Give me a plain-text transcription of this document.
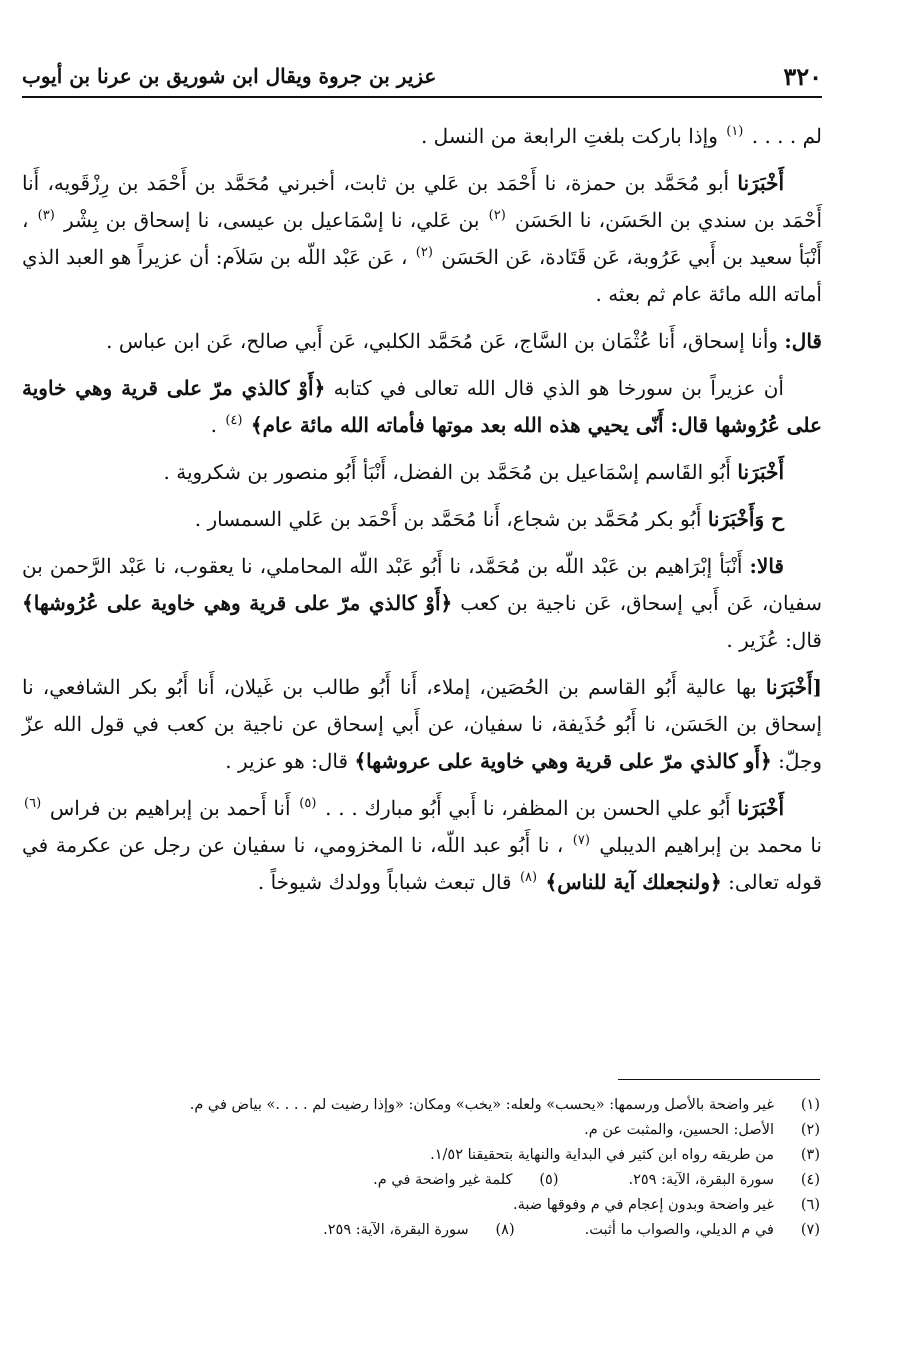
٣٢٠
عزير بن جروة ويقال ابن شوريق بن عرنا بن أيوب

لم . . . . $^{(١)}$ وإذا باركت بلغتِ الرابعة من النسل .

أَخْبَرَنا أبو مُحَمَّد بن حمزة، نا أَحْمَد بن عَلي بن ثابت، أخبرني مُحَمَّد بن أَحْمَد بن رِزْقَويه، أَنا أَحْمَد بن سندي بن الحَسَن، نا الحَسَن $^{(٢)}$ بن عَلي، نا إسْمَاعيل بن عيسى، نا إسحاق بن بِشْر $^{(٣)}$ ، أَنْبَأ سعيد بن أَبي عَرُوبة، عَن قَتَادة، عَن الحَسَن $^{(٢)}$ ، عَن عَبْد اللّه بن سَلاَم: أن عزيراً هو العبد الذي أماته الله مائة عام ثم بعثه .

قال: وأنا إسحاق، أَنا عُثْمَان بن السَّاج، عَن مُحَمَّد الكلبي، عَن أَبي صالح، عَن ابن عباس .

أن عزيراً بن سورخا هو الذي قال الله تعالى في كتابه ﴿أَوْ كالذي مرّ على قرية وهي خاوية على عُرُوشها قال: أَنّى يحيي هذه الله بعد موتها فأماته الله مائة عام﴾ $^{(٤)}$ .

أَخْبَرَنا أَبُو القَاسم إسْمَاعيل بن مُحَمَّد بن الفضل، أَنْبَأ أَبُو منصور بن شكروية .

ح وَأَخْبَرَنا أَبُو بكر مُحَمَّد بن شجاع، أَنا مُحَمَّد بن أَحْمَد بن عَلي السمسار .

قالا: أَنْبَأ إبْرَاهيم بن عَبْد اللّه بن مُحَمَّد، نا أَبُو عَبْد اللّه المحاملي، نا يعقوب، نا عَبْد الرَّحمن بن سفيان، عَن أَبي إسحاق، عَن ناجية بن كعب ﴿أَوْ كالذي مرّ على قرية وهي خاوية على عُرُوشها﴾ قال: عُزَير .

[أَخْبَرَنا بها عالية أَبُو القاسم بن الحُصَين، إملاء، أَنا أَبُو طالب بن غَيلان، أَنا أَبُو بكر الشافعي، نا إسحاق بن الحَسَن، نا أَبُو حُذَيفة، نا سفيان، عن أَبي إسحاق عن ناجية بن كعب في قول الله عزّ وجلّ: ﴿أَو كالذي مرّ على قرية وهي خاوية على عروشها﴾ قال: هو عزير .

أَخْبَرَنا أَبُو علي الحسن بن المظفر، نا أَبي أَبُو مبارك . . . $^{(٥)}$ أَنا أَحمد بن إبراهيم بن فراس $^{(٦)}$ نا محمد بن إبراهيم الديبلي $^{(٧)}$ ، نا أَبُو عبد اللّه، نا المخزومي، نا سفيان عن رجل عن عكرمة في قوله تعالى: ﴿ولنجعلك آية للناس﴾ $^{(٨)}$ قال تبعث شباباً وولدك شيوخاً .

(١)
غير واضحة بالأصل ورسمها: «يحسب» ولعله: «يخب» ومكان: «وإذا رضيت لم . . . .» بياض في م.
(٢)
الأصل: الحسين، والمثبت عن م.
(٣)
من طريقه رواه ابن كثير في البداية والنهاية بتحقيقنا ١/٥٢.
(٤)
سورة البقرة، الآية: ٢٥٩.
(٥)
كلمة غير واضحة في م.
(٦)
غير واضحة وبدون إعجام في م وفوقها ضبة.
(٧)
في م الديلي، والصواب ما أثبت.
(٨)
سورة البقرة، الآية: ٢٥٩.
